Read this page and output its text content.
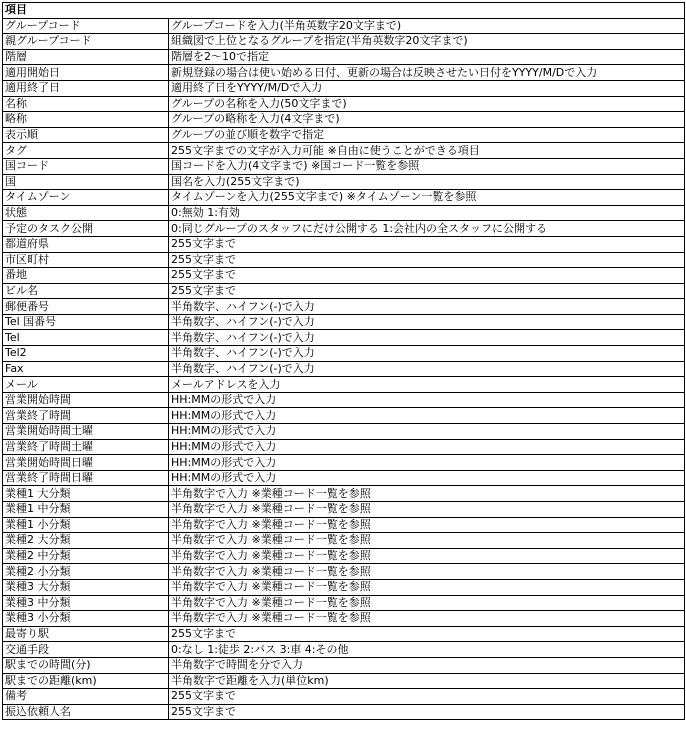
項目	
グループコード	グループコードを入力(半角英数字20文字まで)
親グループコード	組織図で上位となるグループを指定(半角英数字20文字まで)
階層	階層を2～10で指定
適用開始日	新規登録の場合は使い始める日付、更新の場合は反映させたい日付をYYYY/M/Dで入力
適用終了日	適用終了日をYYYY/M/Dで入力
名称	グループの名称を入力(50文字まで)
略称	グループの略称を入力(4文字まで)
表示順	グループの並び順を数字で指定
タグ	255文字までの文字が入力可能 ※自由に使うことができる項目
国コード	国コードを入力(4文字まで) ※国コード一覧を参照
国	国名を入力(255文字まで)
タイムゾーン	タイムゾーンを入力(255文字まで) ※タイムゾーン一覧を参照
状態	0:無効 1:有効
予定のタスク公開	0:同じグループのスタッフにだけ公開する 1:会社内の全スタッフに公開する
都道府県	255文字まで
市区町村	255文字まで
番地	255文字まで
ビル名	255文字まで
郵便番号	半角数字、ハイフン(-)で入力
Tel 国番号	半角数字、ハイフン(-)で入力
Tel	半角数字、ハイフン(-)で入力
Tel2	半角数字、ハイフン(-)で入力
Fax	半角数字、ハイフン(-)で入力
メール	メールアドレスを入力
営業開始時間	HH:MMの形式で入力
営業終了時間	HH:MMの形式で入力
営業開始時間土曜	HH:MMの形式で入力
営業終了時間土曜	HH:MMの形式で入力
営業開始時間日曜	HH:MMの形式で入力
営業終了時間日曜	HH:MMの形式で入力
業種1 大分類	半角数字で入力 ※業種コード一覧を参照
業種1 中分類	半角数字で入力 ※業種コード一覧を参照
業種1 小分類	半角数字で入力 ※業種コード一覧を参照
業種2 大分類	半角数字で入力 ※業種コード一覧を参照
業種2 中分類	半角数字で入力 ※業種コード一覧を参照
業種2 小分類	半角数字で入力 ※業種コード一覧を参照
業種3 大分類	半角数字で入力 ※業種コード一覧を参照
業種3 中分類	半角数字で入力 ※業種コード一覧を参照
業種3 小分類	半角数字で入力 ※業種コード一覧を参照
最寄り駅	255文字まで
交通手段	0:なし 1:徒歩 2:バス 3:車 4:その他
駅までの時間(分)	半角数字で時間を分で入力
駅までの距離(km)	半角数字で距離を入力(単位km)
備考	255文字まで
振込依頼人名	255文字まで
